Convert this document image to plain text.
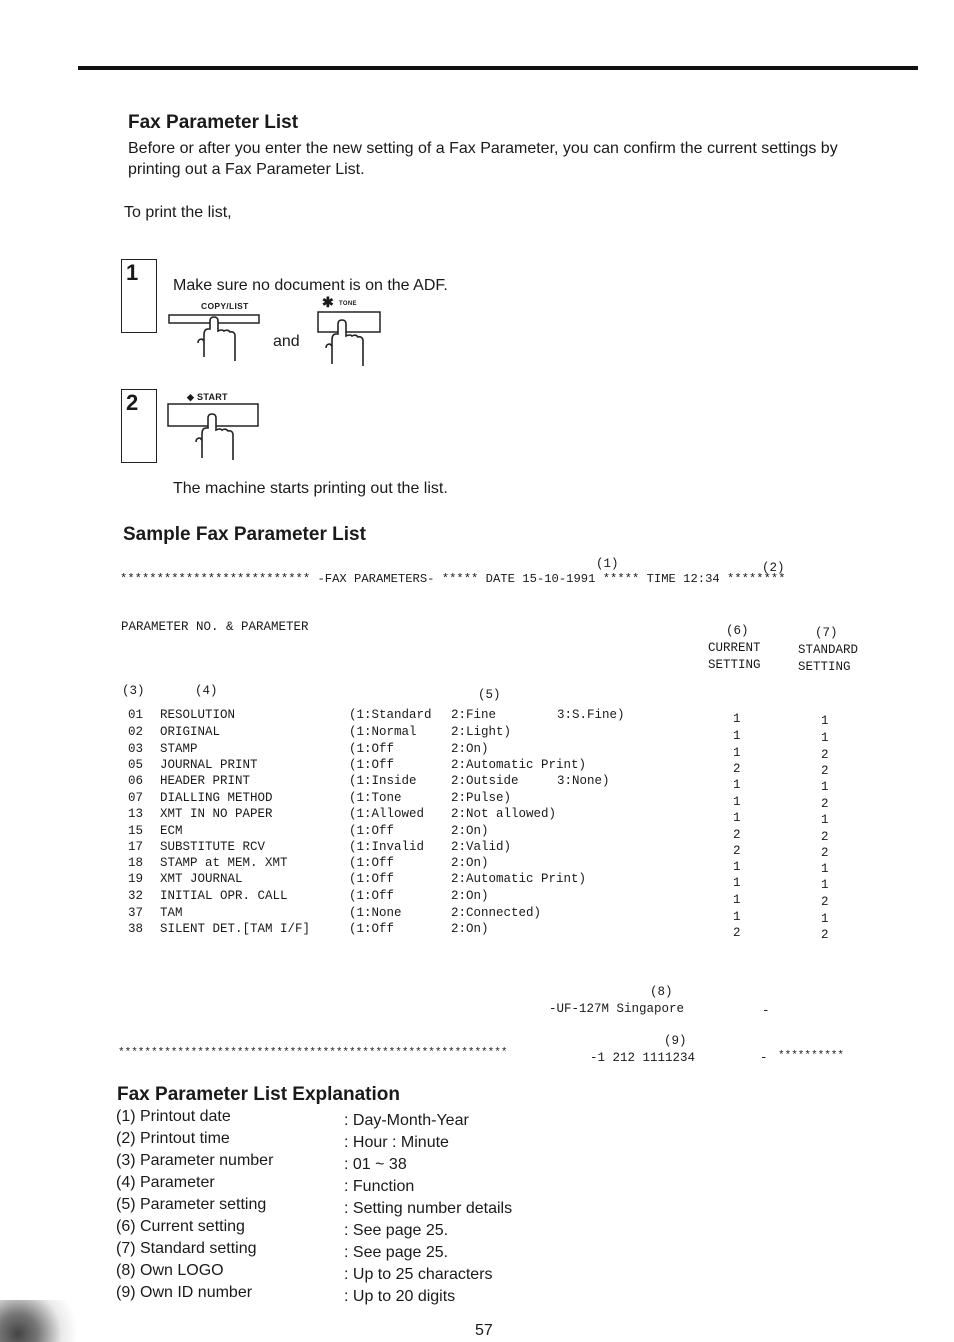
Fax Parameter List
Before or after you enter the new setting of a Fax Parameter, you can confirm the current settings by printing out a Fax Parameter List.
To print the list,
1
Make sure no document is on the ADF.
COPY/LIST
and
✱ TONE
2	◆ START
The machine starts printing out the list.
Sample Fax Parameter List
(1)	(2)
************************** -FAX PARAMETERS- ***** DATE 15-10-1991 ***** TIME 12:34 ********
PARAMETER NO. & PARAMETER	(6)	(7)
CURRENT
SETTING
STANDARD
SETTING
(3)	(4)	(5)
01 RESOLUTION	(1:Standard 2:Fine	3:S.Fine)	1	1
02 ORIGINAL	(1:Normal	2:Light)	1	1
03 STAMP	(1:Off	2:On)	1	2
05 JOURNAL PRINT	(1:Off	2:Automatic Print)	2	2
06 HEADER PRINT	(1:Inside	2:Outside	3:None)	1	1
07 DIALLING METHOD	(1:Tone	2:Pulse)	1	2
13 XMT IN NO PAPER	(1:Allowed 2:Not allowed)	1	1
15 ECM	(1:Off	2:On)	2	2
17 SUBSTITUTE RCV	(1:Invalid 2:Valid)	2	2
18 STAMP at MEM. XMT	(1:Off	2:On)	1	1
19 XMT JOURNAL	(1:Off	2:Automatic Print)	1	1
32 INITIAL OPR. CALL	(1:Off	2:On)	1	2
37 TAM	(1:None	2:Connected)	1	1
38 SILENT DET.[TAM I/F]	(1:Off	2:On)	2	2
(8)
-UF-127M Singapore	-
(9)
***********************************************************	-1 212 1111234	- **********
Fax Parameter List Explanation
(1) Printout date	: Day-Month-Year
(2) Printout time	: Hour : Minute
(3) Parameter number	: 01 ~ 38
(4) Parameter	: Function
(5) Parameter setting	: Setting number details
(6) Current setting	: See page 25.
(7) Standard setting	: See page 25.
(8) Own LOGO	: Up to 25 characters
(9) Own ID number	: Up to 20 digits
57
